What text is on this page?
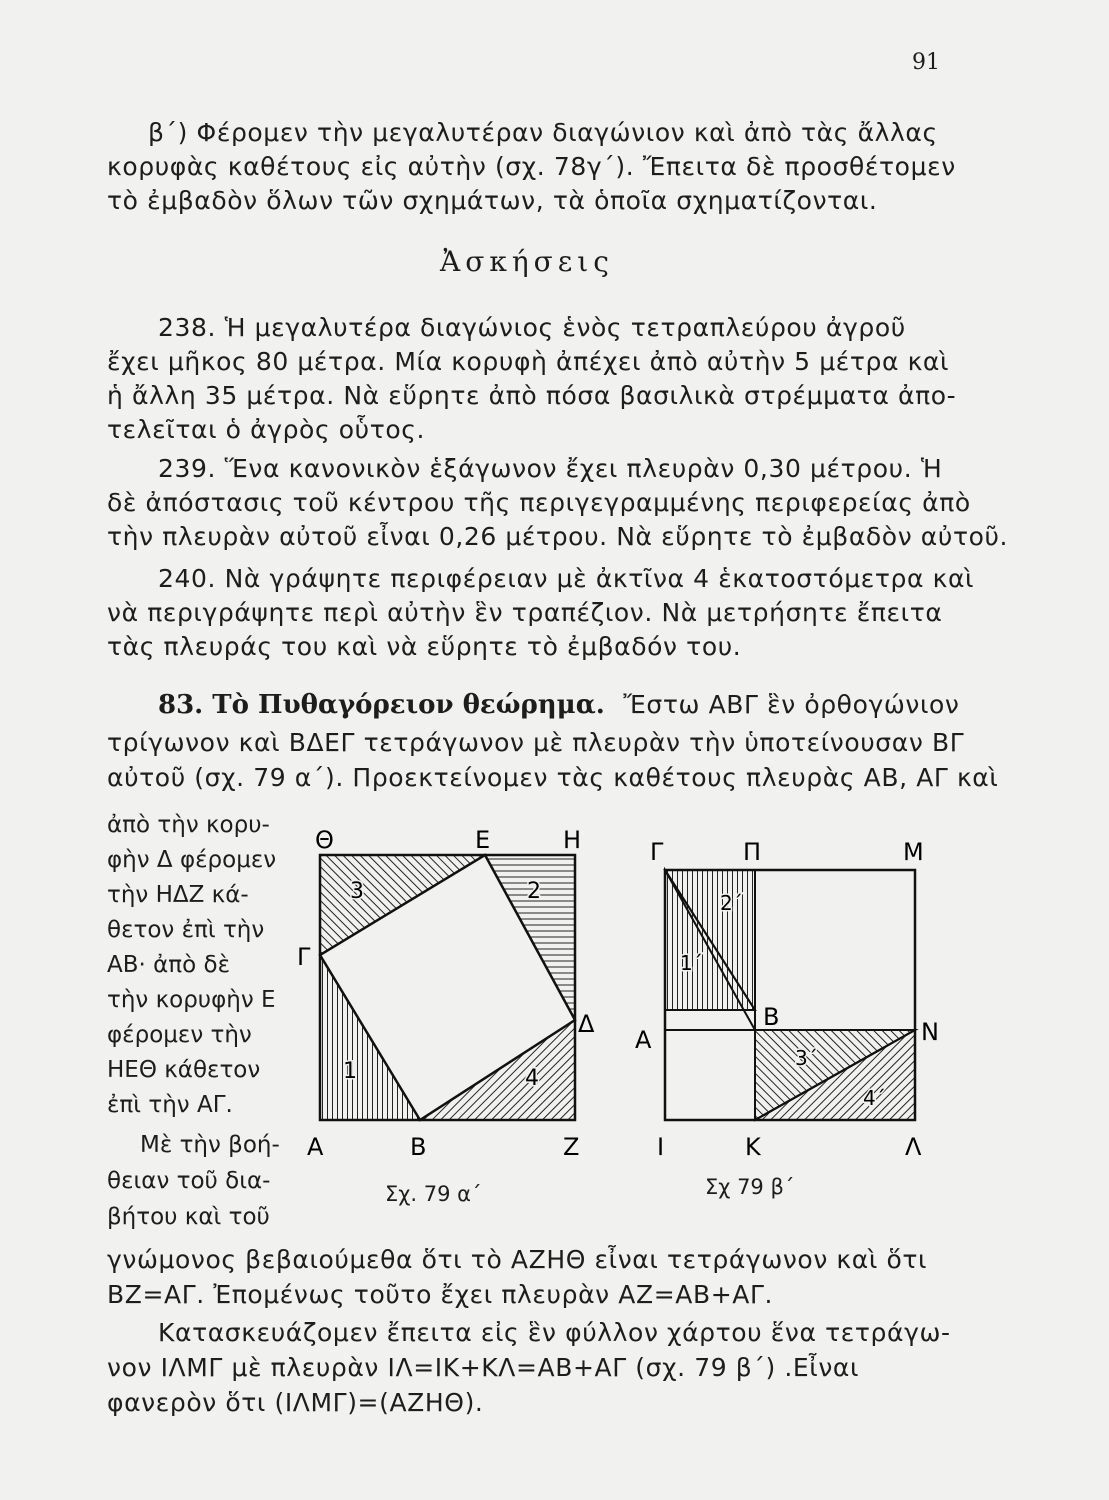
91
β΄) Φέρομεν τὴν μεγαλυτέραν διαγώνιον καὶ ἀπὸ τὰς ἄλλας
κορυφὰς καθέτους εἰς αὐτὴν (σχ. 78γ΄). Ἔπειτα δὲ προσθέτομεν
τὸ ἐμβαδὸν ὅλων τῶν σχημάτων, τὰ ὁποῖα σχηματίζονται.
Ἀσκήσεις
238. Ἡ μεγαλυτέρα διαγώνιος ἑνὸς τετραπλεύρου ἀγροῦ
ἔχει μῆκος 80 μέτρα. Μία κορυφὴ ἀπέχει ἀπὸ αὐτὴν 5 μέτρα καὶ
ἡ ἄλλη 35 μέτρα. Νὰ εὕρητε ἀπὸ πόσα βασιλικὰ στρέμματα ἀπο-
τελεῖται ὁ ἀγρὸς οὗτος.
239. Ἕνα κανονικὸν ἑξάγωνον ἔχει πλευρὰν 0,30 μέτρου. Ἡ
δὲ ἀπόστασις τοῦ κέντρου τῆς περιγεγραμμένης περιφερείας ἀπὸ
τὴν πλευρὰν αὐτοῦ εἶναι 0,26 μέτρου. Νὰ εὕρητε τὸ ἐμβαδὸν αὐτοῦ.
240. Νὰ γράψητε περιφέρειαν μὲ ἀκτῖνα 4 ἑκατοστόμετρα καὶ
νὰ περιγράψητε περὶ αὐτὴν ἓν τραπέζιον. Νὰ μετρήσητε ἔπειτα
τὰς πλευράς του καὶ νὰ εὕρητε τὸ ἐμβαδόν του.
83. Τὸ Πυθαγόρειον θεώρημα. Ἔστω ΑΒΓ ἓν ὀρθογώνιον
τρίγωνον καὶ ΒΔΕΓ τετράγωνον μὲ πλευρὰν τὴν ὑποτείνουσαν ΒΓ
αὐτοῦ (σχ. 79 α΄). Προεκτείνομεν τὰς καθέτους πλευρὰς ΑΒ, ΑΓ καὶ
ἀπὸ τὴν κορυ-
φὴν Δ φέρομεν
τὴν ΗΔΖ κά-
θετον ἐπὶ τὴν
ΑΒ· ἀπὸ δὲ
τὴν κορυφὴν Ε
φέρομεν τὴν
ΗΕΘ κάθετον
ἐπὶ τὴν ΑΓ.
Μὲ τὴν βοή-
θειαν τοῦ δια-
βήτου καὶ τοῦ
Θ	Ε	Η
Γ
Δ
Α	Β	Ζ
1
2
3
4
Σχ. 79 α΄
Γ	Π	Μ
Α
Β
Ν
Ι	Κ	Λ
1΄
2΄
3΄
4΄
Σχ 79 β΄
γνώμονος βεβαιούμεθα ὅτι τὸ ΑΖΗΘ εἶναι τετράγωνον καὶ ὅτι
ΒΖ=ΑΓ. Ἐπομένως τοῦτο ἔχει πλευρὰν ΑΖ=ΑΒ+ΑΓ.
Κατασκευάζομεν ἔπειτα εἰς ἓν φύλλον χάρτου ἕνα τετράγω-
νον ΙΛΜΓ μὲ πλευρὰν ΙΛ=ΙΚ+ΚΛ=ΑΒ+ΑΓ (σχ. 79 β΄) .Εἶναι
φανερὸν ὅτι (ΙΛΜΓ)=(ΑΖΗΘ).
